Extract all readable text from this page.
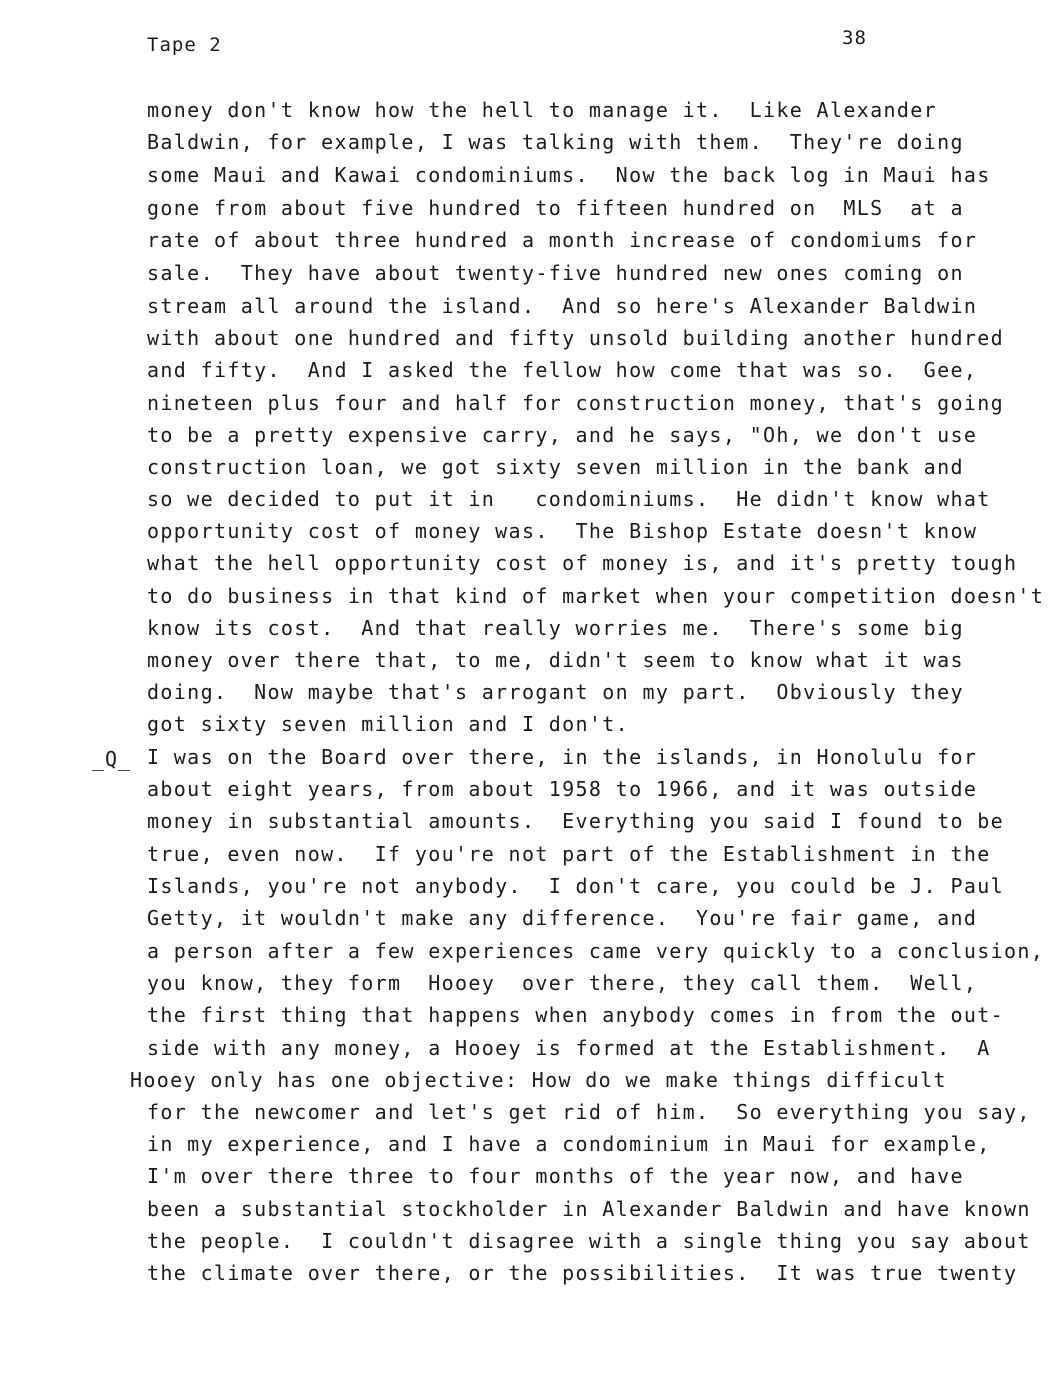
Tape 2	38
_Q_
money don't know how the hell to manage it.  Like Alexander
Baldwin, for example, I was talking with them.  They're doing
some Maui and Kawai condominiums.  Now the back log in Maui has
gone from about five hundred to fifteen hundred on  MLS  at a
rate of about three hundred a month increase of condomiums for
sale.  They have about twenty-five hundred new ones coming on
stream all around the island.  And so here's Alexander Baldwin
with about one hundred and fifty unsold building another hundred
and fifty.  And I asked the fellow how come that was so.  Gee,
nineteen plus four and half for construction money, that's going
to be a pretty expensive carry, and he says, "Oh, we don't use
construction loan, we got sixty seven million in the bank and
so we decided to put it in   condominiums.  He didn't know what
opportunity cost of money was.  The Bishop Estate doesn't know
what the hell opportunity cost of money is, and it's pretty tough
to do business in that kind of market when your competition doesn't
know its cost.  And that really worries me.  There's some big
money over there that, to me, didn't seem to know what it was
doing.  Now maybe that's arrogant on my part.  Obviously they
got sixty seven million and I don't.
I was on the Board over there, in the islands, in Honolulu for
about eight years, from about 1958 to 1966, and it was outside
money in substantial amounts.  Everything you said I found to be
true, even now.  If you're not part of the Establishment in the
Islands, you're not anybody.  I don't care, you could be J. Paul
Getty, it wouldn't make any difference.  You're fair game, and
a person after a few experiences came very quickly to a conclusion,
you know, they form  Hooey  over there, they call them.  Well,
the first thing that happens when anybody comes in from the out-
side with any money, a Hooey is formed at the Establishment.  A
Hooey only has one objective: How do we make things difficult
for the newcomer and let's get rid of him.  So everything you say,
in my experience, and I have a condominium in Maui for example,
I'm over there three to four months of the year now, and have
been a substantial stockholder in Alexander Baldwin and have known
the people.  I couldn't disagree with a single thing you say about
the climate over there, or the possibilities.  It was true twenty
